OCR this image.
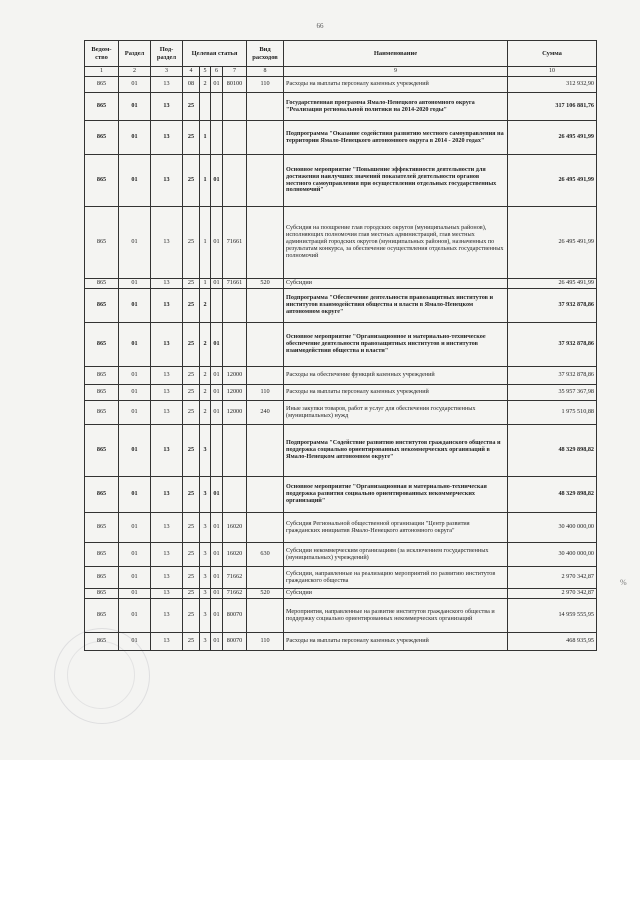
66
%
Ведом-ство	Раздел	Под-раздел	Целевая статья				Вид расходов	Наименование	Сумма
1	2	3	4	5	6	7	8	9	10
865	01	13	08	2	01	80100	110	Расходы на выплаты персоналу казенных учреждений	312 932,90
865	01	13	25					Государственная программа Ямало-Ненецкого автономного округа "Реализация региональной политики на 2014-2020 годы"	317 106 881,76
865	01	13	25	1				Подпрограмма "Оказание содействия развитию местного самоуправления на территории Ямало-Ненецкого автономного округа в 2014 - 2020 годах"	26 495 491,99
865	01	13	25	1	01			Основное мероприятие "Повышение эффективности деятельности для достижения наилучших значений показателей деятельности органов местного самоуправления при осуществлении отдельных государственных полномочий"	26 495 491,99
865	01	13	25	1	01	71661		Субсидия на поощрение глав городских округов (муниципальных районов), исполняющих полномочия глав местных администраций, глав местных администраций городских округов (муниципальных районов), назначенных по результатам конкурса, за обеспечение осуществления отдельных государственных полномочий	26 495 491,99
865	01	13	25	1	01	71661	520	Субсидии	26 495 491,99
865	01	13	25	2				Подпрограмма "Обеспечение деятельности правозащитных институтов и институтов взаимодействия общества и власти в Ямало-Ненецком автономном округе"	37 932 878,86
865	01	13	25	2	01			Основное мероприятие "Организационное и материально-техническое обеспечение деятельности правозащитных институтов и институтов взаимодействия общества и власти"	37 932 878,86
865	01	13	25	2	01	12000		Расходы на обеспечение функций казенных учреждений	37 932 878,86
865	01	13	25	2	01	12000	110	Расходы на выплаты персоналу казенных учреждений	35 957 367,98
865	01	13	25	2	01	12000	240	Иные закупки товаров, работ и услуг для обеспечения государственных (муниципальных) нужд	1 975 510,88
865	01	13	25	3				Подпрограмма "Содействие развитию институтов гражданского общества и поддержка социально ориентированных некоммерческих организаций в Ямало-Ненецком автономном округе"	48 329 898,82
865	01	13	25	3	01			Основное мероприятие "Организационная и материально-техническая поддержка развития социально ориентированных некоммерческих организаций"	48 329 898,82
865	01	13	25	3	01	16020		Субсидия Региональной общественной организации "Центр развития гражданских инициатив Ямало-Ненецкого автономного округа"	30 400 000,00
865	01	13	25	3	01	16020	630	Субсидии некоммерческим организациям (за исключением государственных (муниципальных) учреждений)	30 400 000,00
865	01	13	25	3	01	71662		Субсидии, направленные на реализацию мероприятий по развитию институтов гражданского общества	2 970 342,87
865	01	13	25	3	01	71662	520	Субсидии	2 970 342,87
865	01	13	25	3	01	80070		Мероприятия, направленные на развитие институтов гражданского общества и поддержку социально ориентированных некоммерческих организаций	14 959 555,95
865	01	13	25	3	01	80070	110	Расходы на выплаты персоналу казенных учреждений	468 935,95
